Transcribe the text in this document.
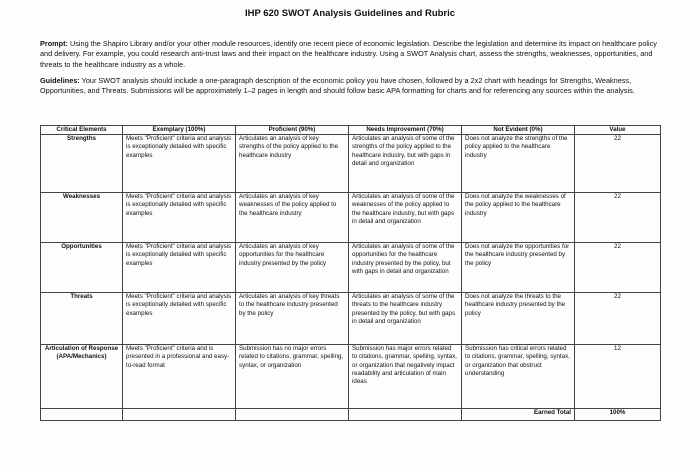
IHP 620 SWOT Analysis Guidelines and Rubric
Prompt: Using the Shapiro Library and/or your other module resources, identify one recent piece of economic legislation. Describe the legislation and determine its impact on healthcare policy and delivery. For example, you could research anti-trust laws and their impact on the healthcare industry. Using a SWOT Analysis chart, assess the strengths, weaknesses, opportunities, and threats to the healthcare industry as a whole.
Guidelines: Your SWOT analysis should include a one-paragraph description of the economic policy you have chosen, followed by a 2x2 chart with headings for Strengths, Weakness, Opportunities, and Threats. Submissions will be approximately 1–2 pages in length and should follow basic APA formatting for charts and for referencing any sources within the analysis.
Critical Elements	Exemplary (100%)	Proficient (90%)	Needs Improvement (70%)	Not Evident (0%)	Value
Strengths	Meets "Proficient" criteria and analysis is exceptionally detailed with specific examples	Articulates an analysis of key strengths of the policy applied to the healthcare industry	Articulates an analysis of some of the strengths of the policy applied to the healthcare industry, but with gaps in detail and organization	Does not analyze the strengths of the policy applied to the healthcare industry	22
Weaknesses	Meets "Proficient" criteria and analysis is exceptionally detailed with specific examples	Articulates an analysis of key weaknesses of the policy applied to the healthcare industry	Articulates an analysis of some of the weaknesses of the policy applied to the healthcare industry, but with gaps in detail and organization	Does not analyze the weaknesses of the policy applied to the healthcare industry	22
Opportunities	Meets "Proficient" criteria and analysis is exceptionally detailed with specific examples	Articulates an analysis of key opportunities for the healthcare industry presented by the policy	Articulates an analysis of some of the opportunities for the healthcare industry presented by the policy, but with gaps in detail and organization	Does not analyze the opportunities for the healthcare industry presented by the policy	22
Threats	Meets "Proficient" criteria and analysis is exceptionally detailed with specific examples	Articulates an analysis of key threats to the healthcare industry presented by the policy	Articulates an analysis of some of the threats to the healthcare industry presented by the policy, but with gaps in detail and organization	Does not analyze the threats to the healthcare industry presented by the policy	22
Articulation of Response (APA/Mechanics)	Meets "Proficient" criteria and is presented in a professional and easy-to-read format	Submission has no major errors related to citations, grammar, spelling, syntax, or organization	Submission has major errors related to citations, grammar, spelling, syntax, or organization that negatively impact readability and articulation of main ideas	Submission has critical errors related to citations, grammar, spelling, syntax, or organization that obstruct understanding	12
				Earned Total	100%
